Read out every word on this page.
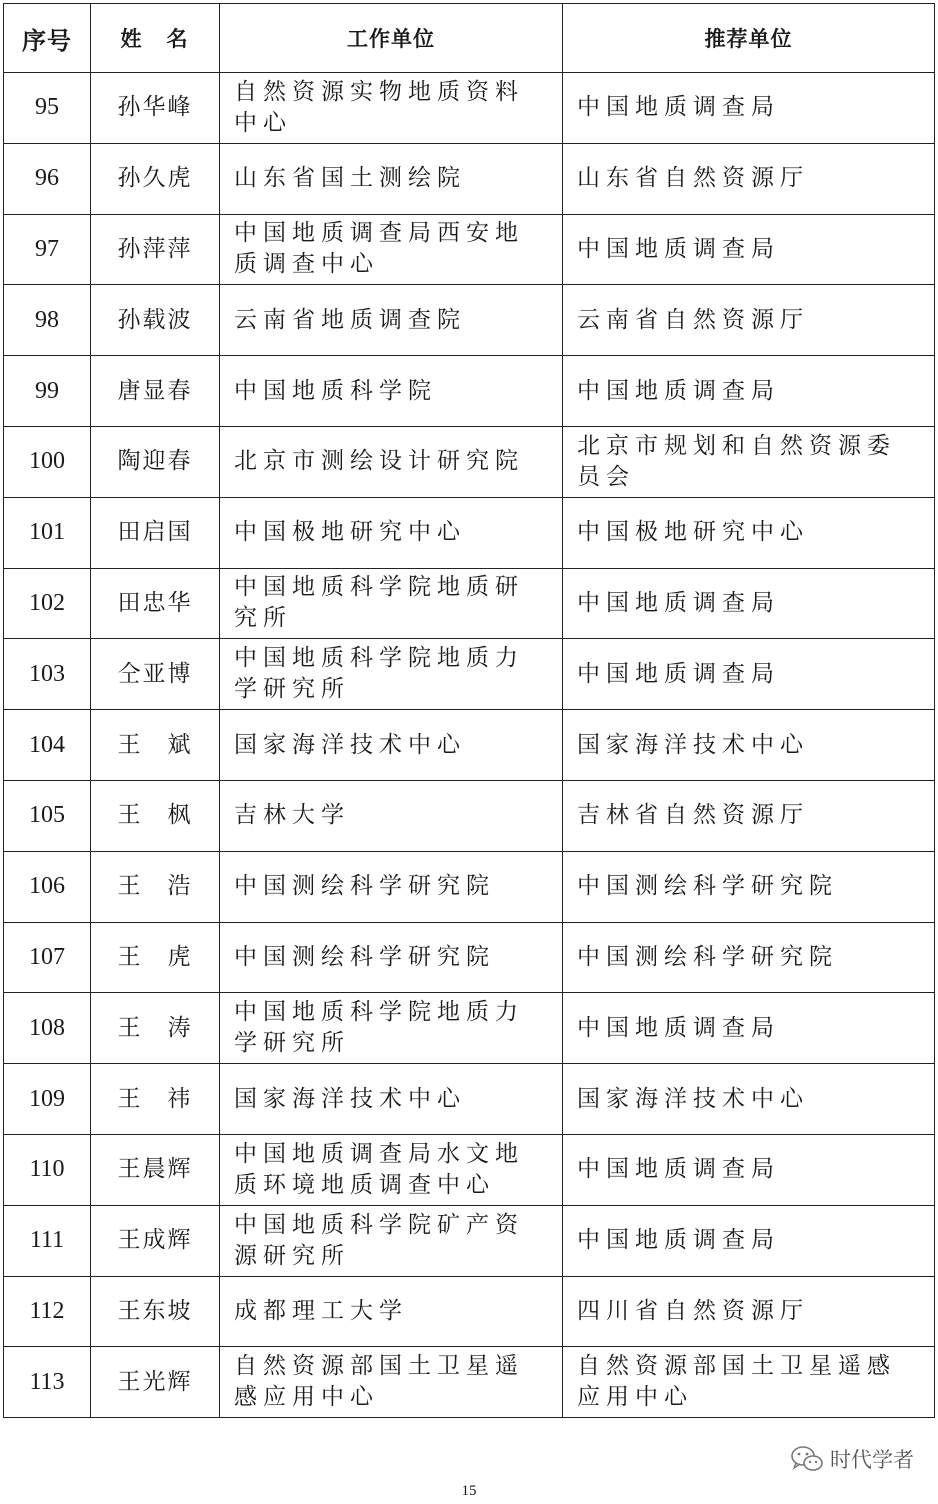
序号	姓　名	工作单位	推荐单位
95	孙华峰	自然资源实物地质资料中心	中国地质调查局
96	孙久虎	山东省国土测绘院	山东省自然资源厅
97	孙萍萍	中国地质调查局西安地质调查中心	中国地质调查局
98	孙载波	云南省地质调查院	云南省自然资源厅
99	唐显春	中国地质科学院	中国地质调查局
100	陶迎春	北京市测绘设计研究院	北京市规划和自然资源委员会
101	田启国	中国极地研究中心	中国极地研究中心
102	田忠华	中国地质科学院地质研究所	中国地质调查局
103	仝亚博	中国地质科学院地质力学研究所	中国地质调查局
104	王　斌	国家海洋技术中心	国家海洋技术中心
105	王　枫	吉林大学	吉林省自然资源厅
106	王　浩	中国测绘科学研究院	中国测绘科学研究院
107	王　虎	中国测绘科学研究院	中国测绘科学研究院
108	王　涛	中国地质科学院地质力学研究所	中国地质调查局
109	王　祎	国家海洋技术中心	国家海洋技术中心
110	王晨辉	中国地质调查局水文地质环境地质调查中心	中国地质调查局
111	王成辉	中国地质科学院矿产资源研究所	中国地质调查局
112	王东坡	成都理工大学	四川省自然资源厅
113	王光辉	自然资源部国土卫星遥感应用中心	自然资源部国土卫星遥感应用中心
时代学者
15
